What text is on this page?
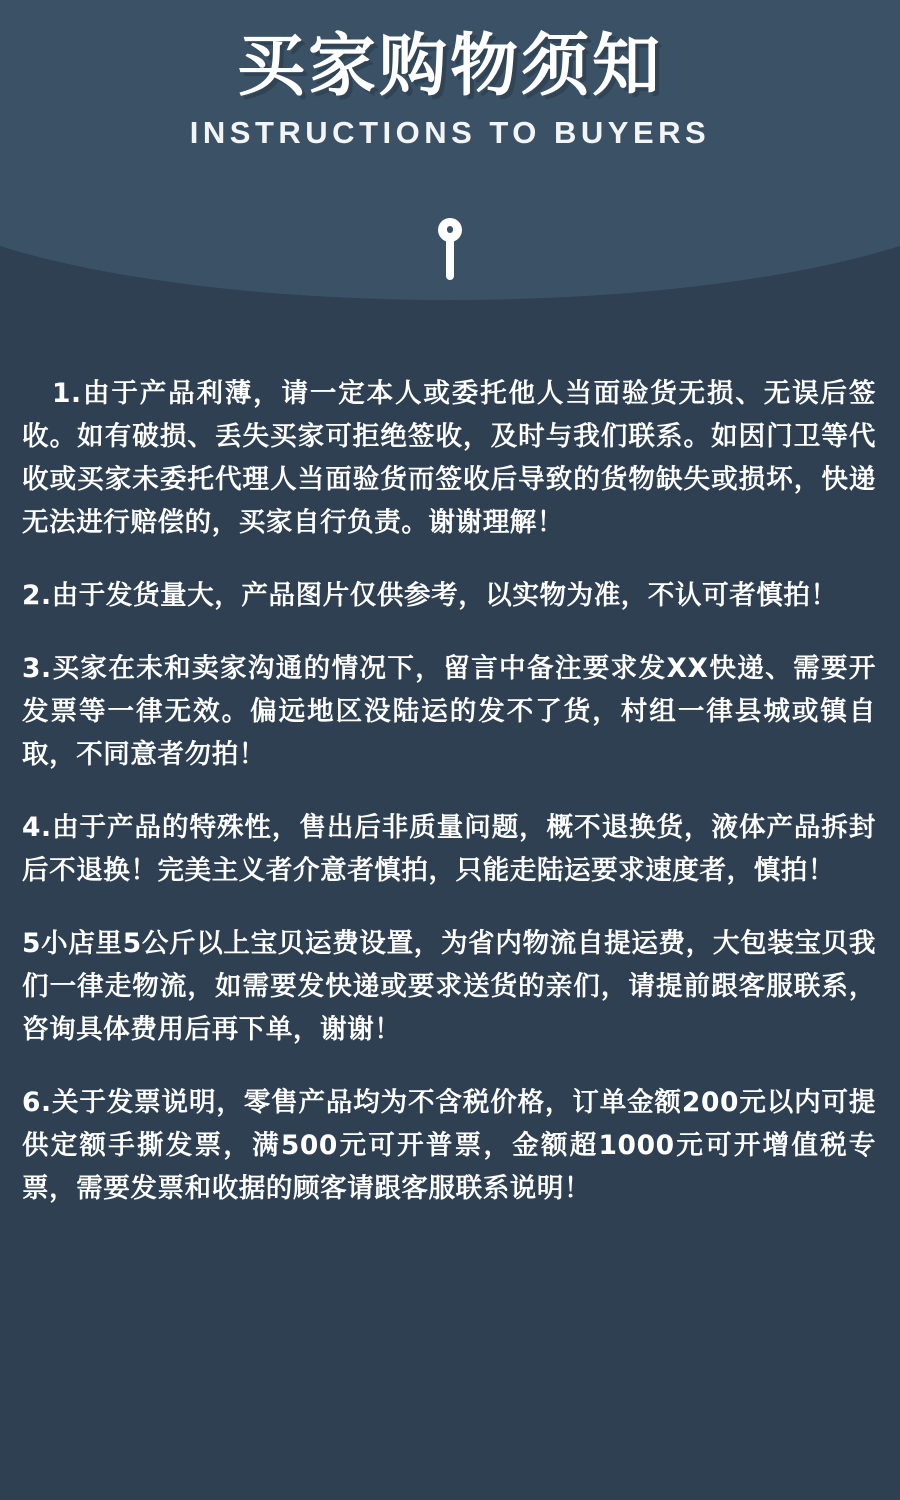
买家购物须知
INSTRUCTIONS TO BUYERS

1.由于产品利薄，请一定本人或委托他人当面验货无损、无误后签收。如有破损、丢失买家可拒绝签收，及时与我们联系。如因门卫等代收或买家未委托代理人当面验货而签收后导致的货物缺失或损坏，快递无法进行赔偿的，买家自行负责。谢谢理解！

2.由于发货量大，产品图片仅供参考，以实物为准，不认可者慎拍！

3.买家在未和卖家沟通的情况下，留言中备注要求发XX快递、需要开发票等一律无效。偏远地区没陆运的发不了货，村组一律县城或镇自取，不同意者勿拍！

4.由于产品的特殊性，售出后非质量问题，概不退换货，液体产品拆封后不退换！完美主义者介意者慎拍，只能走陆运要求速度者，慎拍！

5小店里5公斤以上宝贝运费设置，为省内物流自提运费，大包装宝贝我们一律走物流，如需要发快递或要求送货的亲们，请提前跟客服联系，咨询具体费用后再下单，谢谢！

6.关于发票说明，零售产品均为不含税价格，订单金额200元以内可提供定额手撕发票，满500元可开普票，金额超1000元可开增值税专票，需要发票和收据的顾客请跟客服联系说明！
